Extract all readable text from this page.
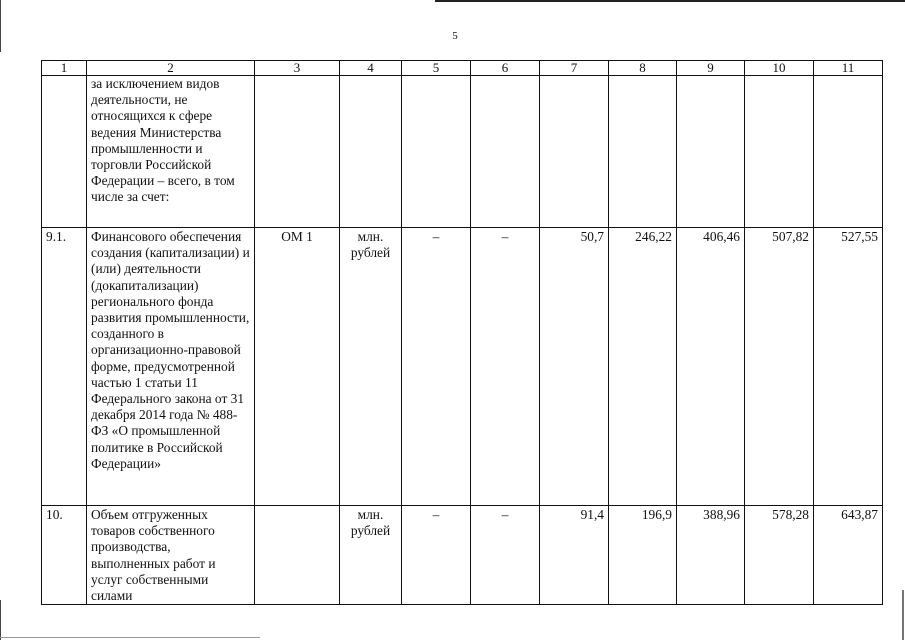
5
1	2	3	4	5	6	7	8	9	10	11
	за исключением видов деятельности, не относящихся к сфере ведения Министерства промышленности и торговли Российской Федерации – всего, в том числе за счет:									
9.1.	Финансового обеспечения создания (капитализации) и (или) деятельности (докапитализации) регионального фонда развития промышленности, созданного в организационно-правовой форме, предусмотренной частью 1 статьи 11 Федерального закона от 31 декабря 2014 года № 488-ФЗ «О промышленной политике в Российской Федерации»	ОМ 1	млн. рублей	–	–	50,7	246,22	406,46	507,82	527,55
10.	Объем отгруженных товаров собственного производства, выполненных работ и услуг собственными силами		млн. рублей	–	–	91,4	196,9	388,96	578,28	643,87
